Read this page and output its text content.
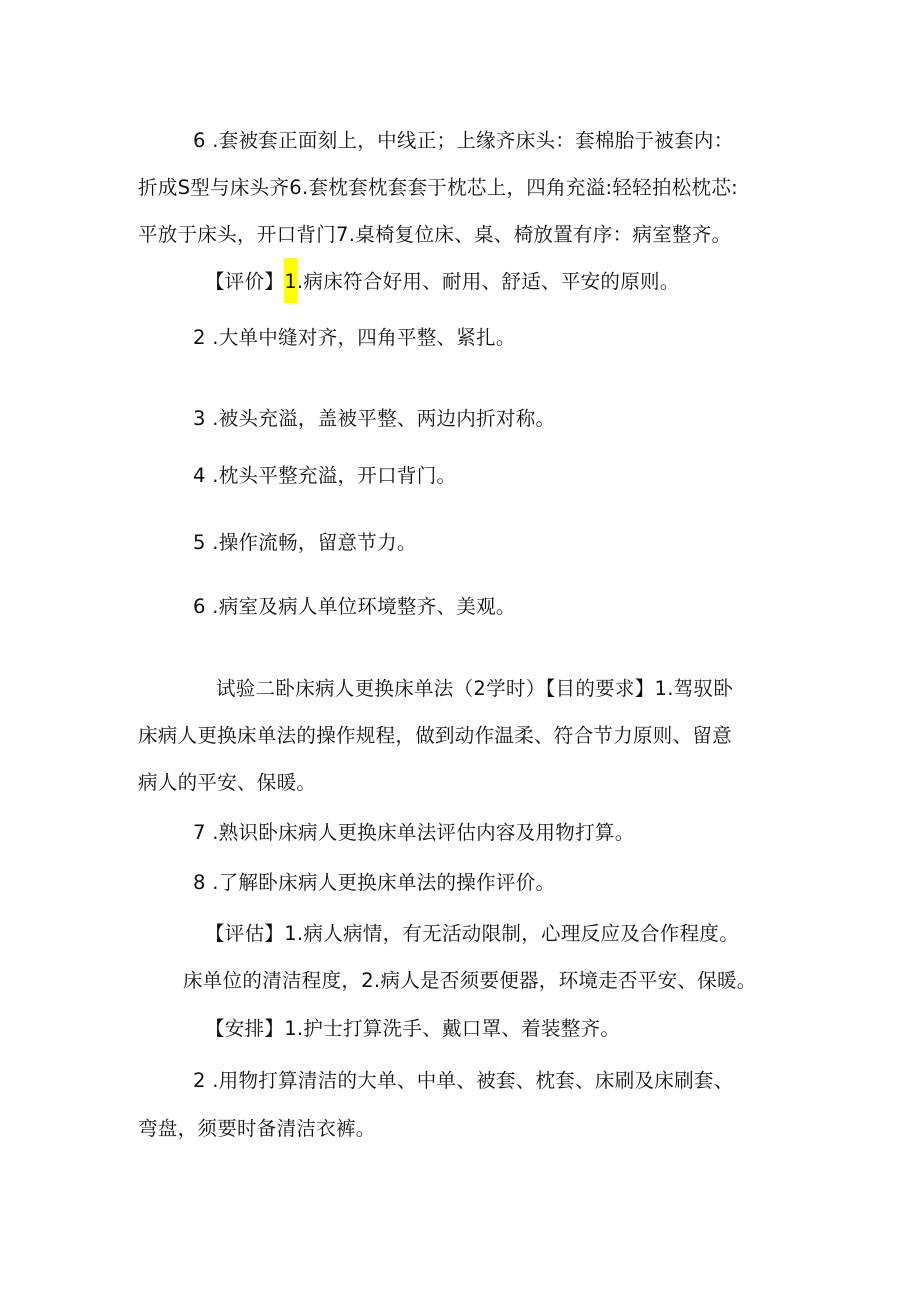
6 .套被套正面刻上，中线正；上缘齐床头：套棉胎于被套内：
折成S型与床头齐6.套枕套枕套套于枕芯上，四角充溢:轻轻拍松枕芯:
平放于床头，开口背门7.桌椅复位床、桌、椅放置有序：病室整齐。
【评价】1.病床符合好用、耐用、舒适、平安的原则。
2 .大单中缝对齐，四角平整、紧扎。
3 .被头充溢，盖被平整、两边内折对称。
4 .枕头平整充溢，开口背门。
5 .操作流畅，留意节力。
6 .病室及病人单位环境整齐、美观。
试验二卧床病人更换床单法（2学时）【目的要求】1.驾驭卧
床病人更换床单法的操作规程，做到动作温柔、符合节力原则、留意
病人的平安、保暖。
7 .熟识卧床病人更换床单法评估内容及用物打算。
8 .了解卧床病人更换床单法的操作评价。
【评估】1.病人病情，有无活动限制，心理反应及合作程度。
床单位的清洁程度，2.病人是否须要便器，环境走否平安、保暖。
【安排】1.护士打算洗手、戴口罩、着装整齐。
2 .用物打算清洁的大单、中单、被套、枕套、床刷及床刷套、
弯盘，须要时备清洁衣裤。
